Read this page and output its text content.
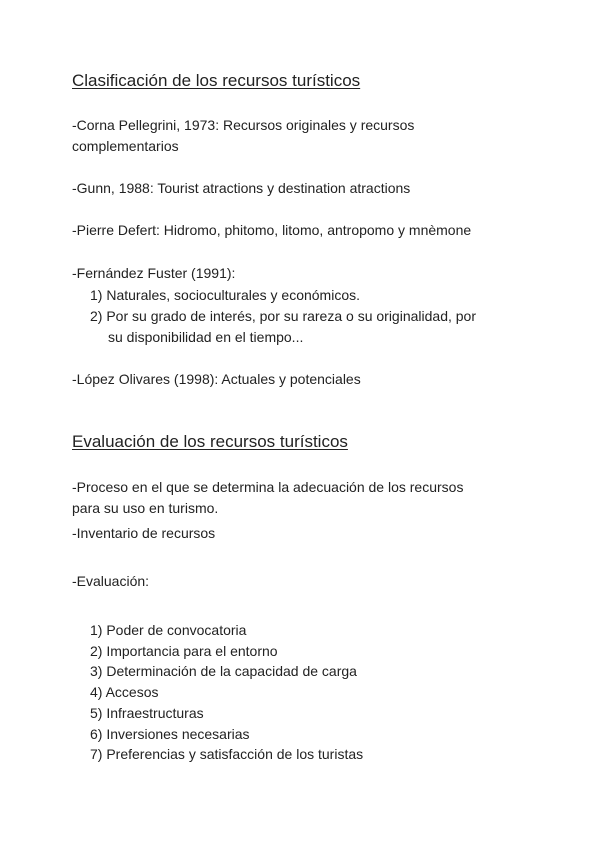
Clasificación de los recursos turísticos
-Corna Pellegrini, 1973: Recursos originales y recursos
complementarios
-Gunn, 1988: Tourist atractions y destination atractions
-Pierre Defert: Hidromo, phitomo, litomo, antropomo y mnèmone
-Fernández Fuster (1991):
1) Naturales, socioculturales y económicos.
2) Por su grado de interés, por su rareza o su originalidad, por
su disponibilidad en el tiempo...
-López Olivares (1998): Actuales y potenciales
Evaluación de los recursos turísticos
-Proceso en el que se determina la adecuación de los recursos
para su uso en turismo.
-Inventario de recursos
-Evaluación:
1) Poder de convocatoria
2) Importancia para el entorno
3) Determinación de la capacidad de carga
4) Accesos
5) Infraestructuras
6) Inversiones necesarias
7) Preferencias y satisfacción de los turistas
